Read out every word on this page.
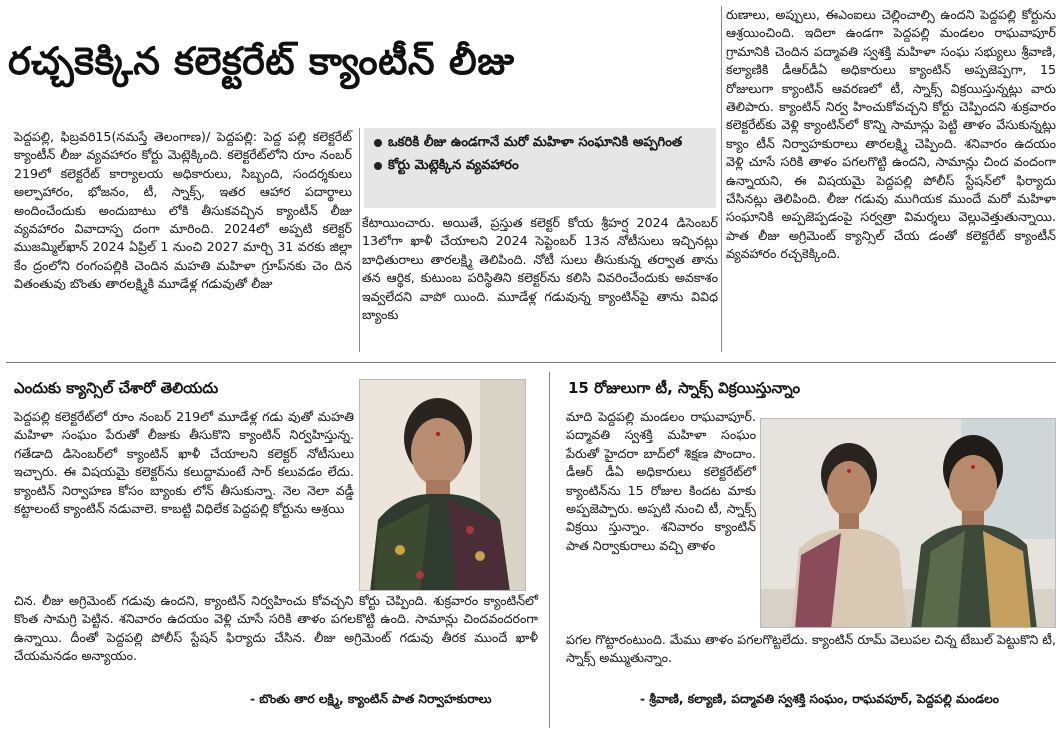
రచ్చకెక్కిన కలెక్టరేట్ క్యాంటీన్ లీజు
పెద్దపల్లి, ఫిబ్రవరి15(నమస్తే తెలంగాణ)/ పెద్దపల్లి: పెద్ద పల్లి కలెక్టరేట్ క్యాంటీన్ లీజు వ్యవహారం కోర్టు మెట్లెక్కింది. కలెక్టరేట్‌లోని రూం నంబర్ 219లో కలెక్టరేట్ కార్యాలయ అధికారులు, సిబ్బంది, సందర్శకులు అల్పాహారం, భోజనం, టీ, స్నాక్స్, ఇతర ఆహార పదార్థాలు అందించేందుకు అందుబాటు లోకి తీసుకవచ్చిన క్యాంటీన్ లీజు వ్యవహారం వివాదాస్ప దంగా మారింది. 2024లో అప్పటి కలెక్టర్ ముజమ్మిల్‌ఖాన్ 2024 ఏప్రిల్ 1 నుంచి 2027 మార్చి 31 వరకు జిల్లా కేం ద్రంలోని రంగంపల్లికి చెందిన మహతి మహిళా గ్రూప్‌నకు చెం దిన వితంతువు బొంతు తారలక్ష్మికి మూడేళ్ల గడువుతో లీజు
ఒకరికి లీజు ఉండగానే మరో మహిళా సంఘానికి అప్పగింత
కోర్టు మెట్లెక్కిన వ్యవహారం
కేటాయించారు. అయితే, ప్రస్తుత కలెక్టర్ కోయ శ్రీహర్ష 2024 డిసెంబర్ 13లోగా ఖాళీ చేయాలని 2024 సెప్టెంబర్ 13న నోటీసులు ఇచ్చినట్లు బాధితురాలు తారలక్ష్మి తెలిపింది. నోటీ సులు తీసుకున్న తర్వాత తాను తన ఆర్థిక, కుటుంబ పరిస్థితిని కలెక్టర్‌ను కలిసి వివరించేందుకు అవకాశం ఇవ్వలేదని వాపో యింది. మూడేళ్ల గడువున్న క్యాంటిన్‌పై తాను వివిధ బ్యాంకు
రుణాలు, అప్పులు, ఈఎంఐలు చెల్లించాల్సి ఉందని పెద్దపల్లి కోర్టును ఆశ్రయించింది. ఇదిలా ఉండగా పెద్దపల్లి మండలం రాఘవాపూర్ గ్రామానికి చెందిన పద్మావతి స్వశక్తి మహిళా సంఘ సభ్యులు శ్రీవాణి, కల్యాణికి డీఆర్‌డీఏ అధికారులు క్యాంటిన్ అప్పజెప్పగా, 15 రోజులుగా క్యాంటిన్ ఆవరణలో టీ, స్నాక్స్ విక్రయిస్తున్నట్లు వారు తెలిపారు. క్యాంటిన్ నిర్వ హించుకోవచ్చని కోర్టు చెప్పిందని శుక్రవారం కలెక్టరేట్‌కు వెళ్లి క్యాంటిన్‌లో కొన్ని సామాన్లు పెట్టి తాళం వేసుకున్నట్లు క్యాం టీన్ నిర్వాహకురాలు తారలక్ష్మి చెప్పింది. శనివారం ఉదయం వెళ్లి చూసే సరికి తాళం పగలగొట్టి ఉందని, సామాన్లు చింద వందంగా ఉన్నాయని, ఈ విషయమై పెద్దపల్లి పోలీస్ స్టేషన్‌లో ఫిర్యాదు చేసినట్లు తెలిపింది. లీజు గడువు ముగియక ముందే మరో మహిళా సంఘానికి అప్పజెప్పడంపై సర్వత్రా విమర్శలు వెల్లువెత్తుతున్నాయి. పాత లీజు అగ్రిమెంట్ క్యాన్సిల్ చేయ డంతో కలెక్టరేట్ క్యాంటీన్ వ్యవహారం రచ్చకెక్కింది.
ఎందుకు క్యాన్సిల్ చేశారో తెలియదు
పెద్దపల్లి కలెక్టరేట్‌లో రూం నంబర్ 219లో మూడేళ్ల గడు వుతో మహతి మహిళా సంఘం పేరుతో లీజుకు తీసుకొని క్యాంటిన్ నిర్వహిస్తున్న. గతేడాది డిసెంబర్‌లో క్యాంటిన్ ఖాళీ చేయాలని కలెక్టర్ నోటీసులు ఇచ్చారు. ఈ విషయమై కలెక్టర్‌ను కలుద్దామంటే సార్ కలువడం లేదు. క్యాంటిన్ నిర్వాహణ కోసం బ్యాంకు లోన్ తీసుకున్నా. నెల నెలా వడ్డీ కట్టాలంటే క్యాంటిన్ నడువాలె. కాబట్టి విధిలేక పెద్దపల్లి కోర్టును ఆశ్రయి
చిన. లీజు అగ్రిమెంట్ గడువు ఉందని, క్యాంటిన్ నిర్వహించు కోవచ్చని కోర్టు చెప్పింది. శుక్రవారం క్యాంటిన్‌లో కొంత సామగ్రి పెట్టిన. శనివారం ఉదయం వెళ్లి చూసే సరికి తాళం పగలకొట్టి ఉంది. సామాన్లు చిందవందరంగా ఉన్నాయి. దీంతో పెద్దపల్లి పోలీస్ స్టేషన్ ఫిర్యాదు చేసిన. లీజు అగ్రిమెంట్ గడువు తీరక ముందే ఖాళీ చేయమనడం అన్యాయం.
- బొంతు తార లక్ష్మి, క్యాంటిన్ పాత నిర్వాహకురాలు
15 రోజులుగా టీ, స్నాక్స్ విక్రయిస్తున్నాం
మాది పెద్దపల్లి మండలం రాఘవాపూర్. పద్మావతి స్వశక్తి మహిళా సంఘం పేరుతో హైదరా బాద్‌లో శిక్షణ పొందాం. డీఆర్ డీఏ అధికారులు కలెక్టరేట్‌లో క్యాంటిన్‌ను 15 రోజుల కిందట మాకు అప్పజెప్పారు. అప్పటి నుంచి టీ, స్నాక్స్ విక్రయి స్తున్నాం. శనివారం క్యాంటిన్ పాత నిర్వాకురాలు వచ్చి తాళం
పగల గొట్టారంటుంది. మేము తాళం పగలగొట్టలేదు. క్యాంటిన్ రూమ్ వెలుపల చిన్న టేబుల్ పెట్టుకొని టీ, స్నాక్స్ అమ్ముతున్నాం.
- శ్రీవాణి, కల్యాణి, పద్మావతి స్వశక్తి సంఘం, రాఘవపూర్, పెద్దపల్లి మండలం
